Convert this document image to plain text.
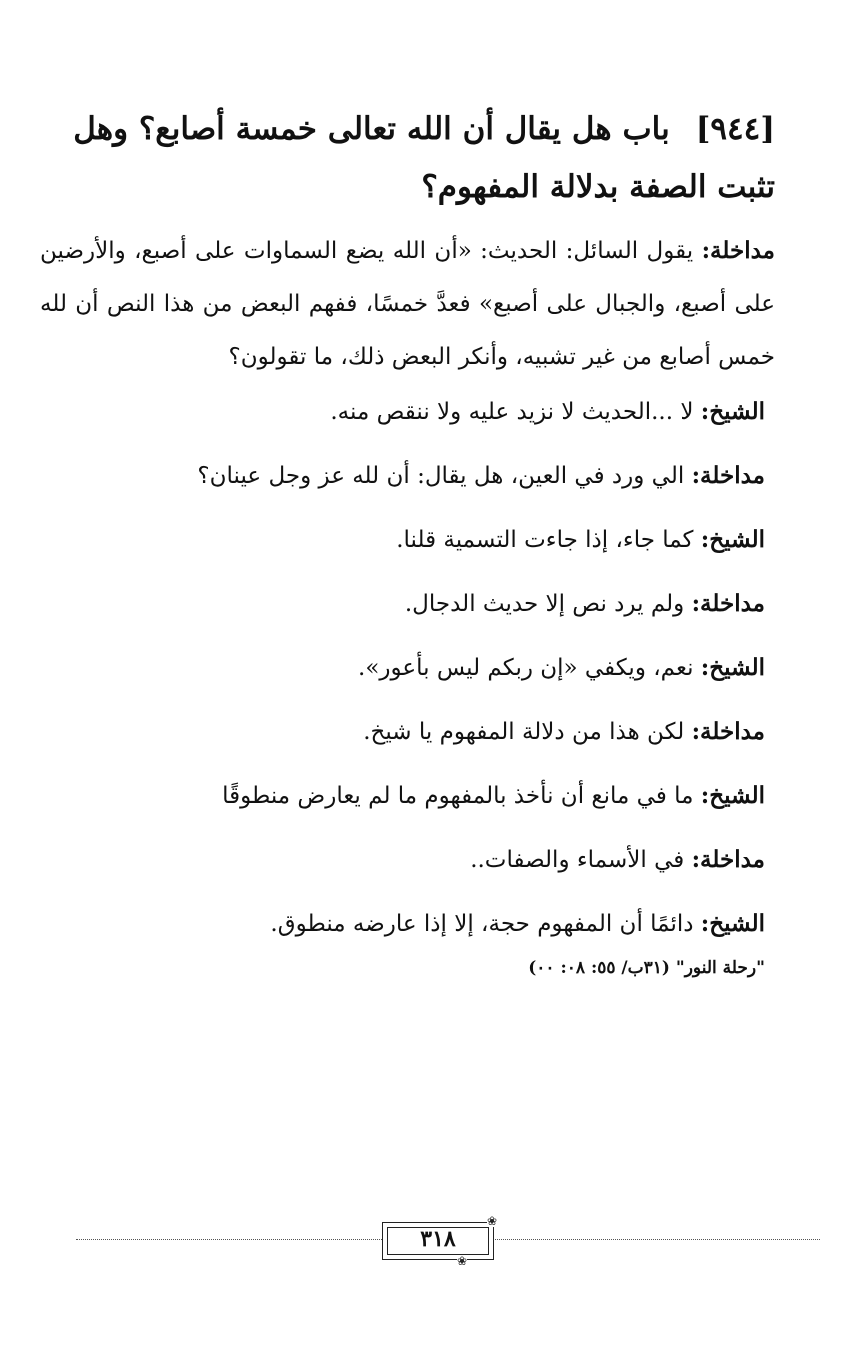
[٩٤٤]باب هل يقال أن الله تعالى خمسة أصابع؟ وهل تثبت الصفة بدلالة المفهوم؟

مداخلة: يقول السائل: الحديث: «أن الله يضع السماوات على أصبع، والأرضين على أصبع، والجبال على أصبع» فعدَّ خمسًا، ففهم البعض من هذا النص أن لله خمس أصابع من غير تشبيه، وأنكر البعض ذلك، ما تقولون؟

الشيخ: لا ...الحديث لا نزيد عليه ولا ننقص منه.
مداخلة: الي ورد في العين، هل يقال: أن لله عز وجل عينان؟
الشيخ: كما جاء، إذا جاءت التسمية قلنا.
مداخلة: ولم يرد نص إلا حديث الدجال.
الشيخ: نعم، ويكفي «إن ربكم ليس بأعور».
مداخلة: لكن هذا من دلالة المفهوم يا شيخ.
الشيخ: ما في مانع أن نأخذ بالمفهوم ما لم يعارض منطوقًا
مداخلة: في الأسماء والصفات..
الشيخ: دائمًا أن المفهوم حجة، إلا إذا عارضه منطوق.
"رحلة النور" (٣١ب/ ٥٥: ٠٨: ٠٠)
❀
❀
٣١٨
